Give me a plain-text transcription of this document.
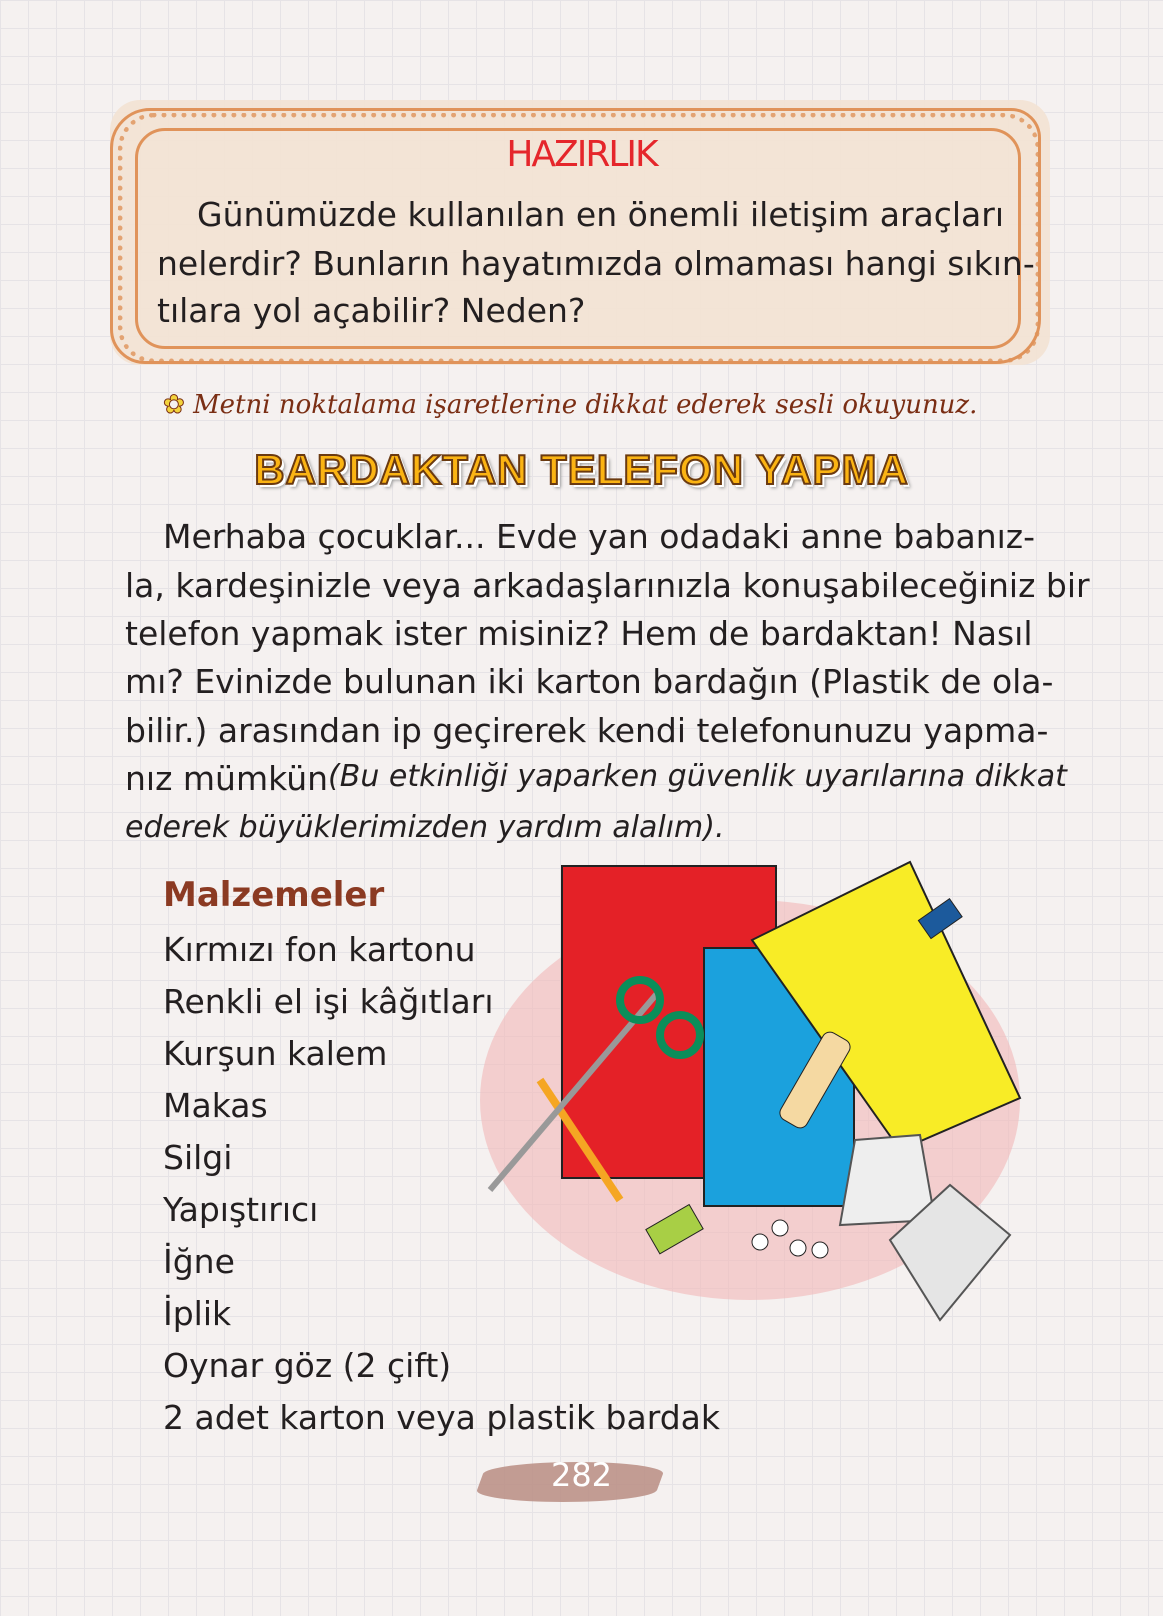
HAZIRLIK
Günümüzde kullanılan en önemli iletişim araçları
nelerdir? Bunların hayatımızda olmaması hangi sıkın-
tılara yol açabilir? Neden?
✿ Metni noktalama işaretlerine dikkat ederek sesli okuyunuz.
BARDAKTAN TELEFON YAPMA
Merhaba çocuklar... Evde yan odadaki anne babanız-
la, kardeşinizle veya arkadaşlarınızla konuşabileceğiniz bir
telefon yapmak ister misiniz? Hem de bardaktan! Nasıl
mı? Evinizde bulunan iki karton bardağın (Plastik de ola-
bilir.) arasından ip geçirerek kendi telefonunuzu yapma-
nız mümkün (Bu etkinliği yaparken güvenlik uyarılarına dikkat
ederek büyüklerimizden yardım alalım).
Malzemeler
Kırmızı fon kartonu
Renkli el işi kâğıtları
Kurşun kalem
Makas
Silgi
Yapıştırıcı
İğne
İplik
Oynar göz (2 çift)
2 adet karton veya plastik bardak
282
